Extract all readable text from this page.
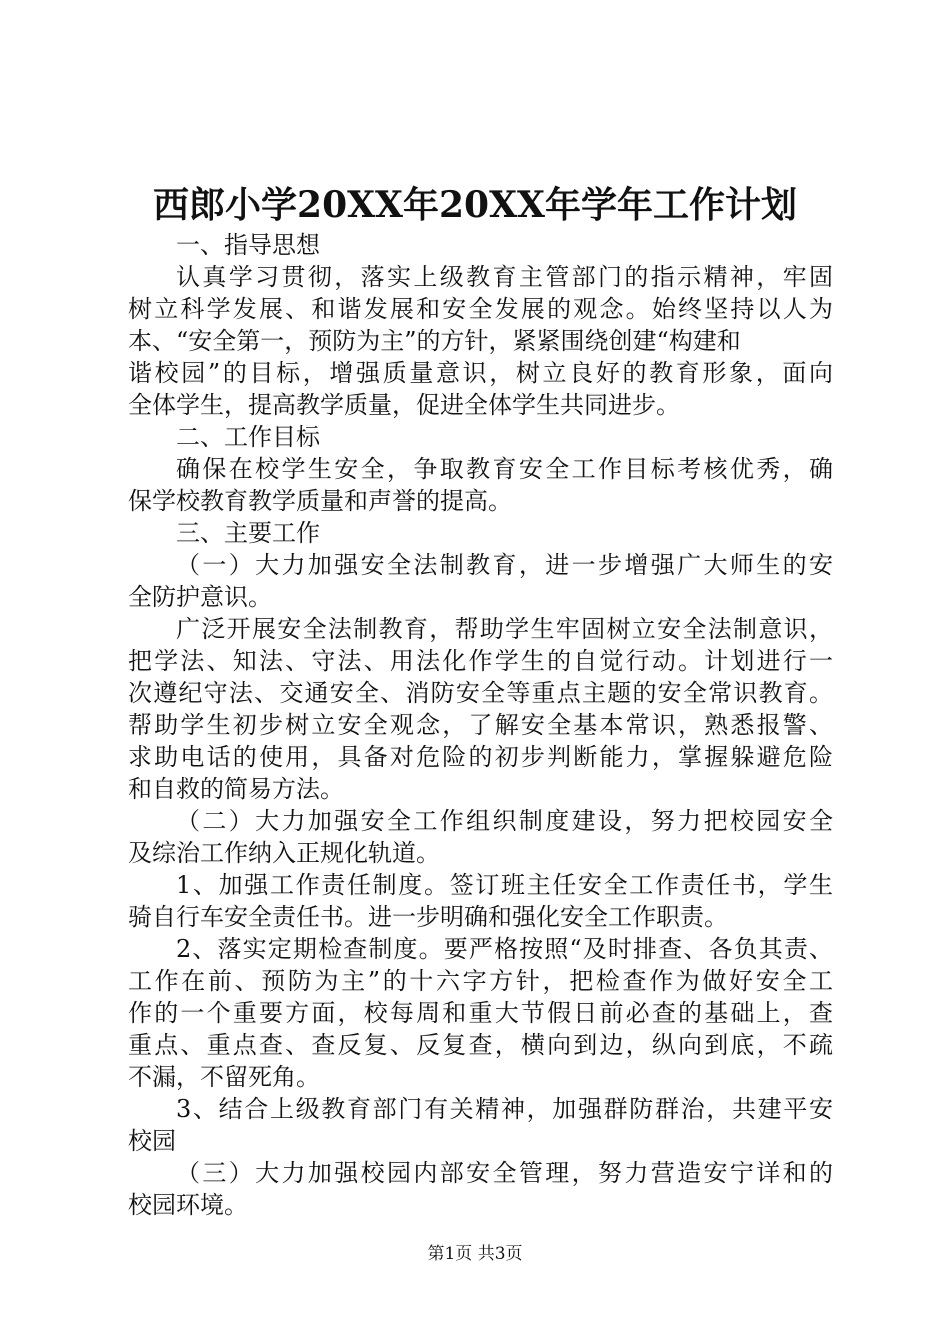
西郎小学20XX年20XX年学年工作计划
一、指导思想
认真学习贯彻，落实上级教育主管部门的指示精神，牢固
树立科学发展、和谐发展和安全发展的观念。始终坚持以人为
本、“安全第一，预防为主”的方针，紧紧围绕创建“构建和
谐校园”的目标，增强质量意识，树立良好的教育形象，面向
全体学生，提高教学质量，促进全体学生共同进步。
二、工作目标
确保在校学生安全，争取教育安全工作目标考核优秀，确
保学校教育教学质量和声誉的提高。
三、主要工作
（一）大力加强安全法制教育，进一步增强广大师生的安
全防护意识。
广泛开展安全法制教育，帮助学生牢固树立安全法制意识，
把学法、知法、守法、用法化作学生的自觉行动。计划进行一
次遵纪守法、交通安全、消防安全等重点主题的安全常识教育。
帮助学生初步树立安全观念，了解安全基本常识，熟悉报警、
求助电话的使用，具备对危险的初步判断能力，掌握躲避危险
和自救的简易方法。
（二）大力加强安全工作组织制度建设，努力把校园安全
及综治工作纳入正规化轨道。
1、加强工作责任制度。签订班主任安全工作责任书，学生
骑自行车安全责任书。进一步明确和强化安全工作职责。
2、落实定期检查制度。要严格按照“及时排查、各负其责、
工作在前、预防为主”的十六字方针，把检查作为做好安全工
作的一个重要方面，校每周和重大节假日前必查的基础上，查
重点、重点查、查反复、反复查，横向到边，纵向到底，不疏
不漏，不留死角。
3、结合上级教育部门有关精神，加强群防群治，共建平安
校园
（三）大力加强校园内部安全管理，努力营造安宁详和的
校园环境。
第1页 共3页
